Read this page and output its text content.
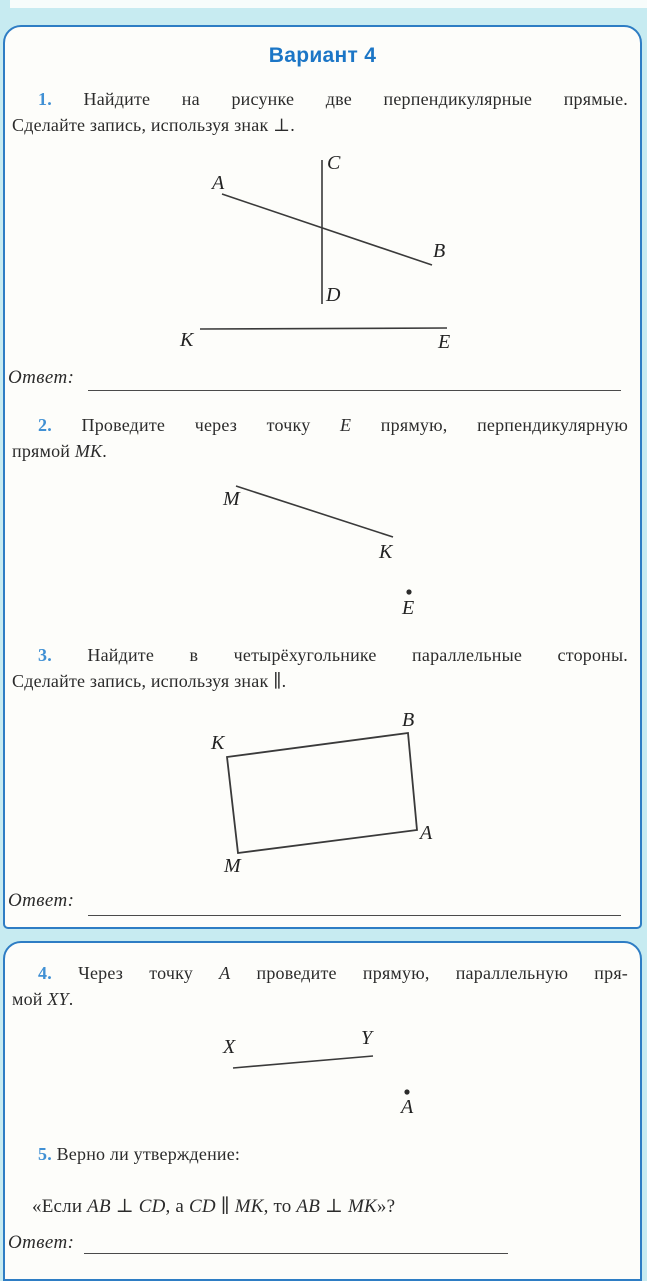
Вариант 4
1. Найдите на рисунке две перпендикулярные прямые.
Сделайте запись, используя знак ⊥.
A
C
B
D
K	E
Ответ:
2. Проведите через точку E прямую, перпендикулярную
прямой MK.
M
K
E
3. Найдите в четырёхугольнике параллельные стороны.
Сделайте запись, используя знак ∥.
K
B
A
M
Ответ:
4. Через точку A проведите прямую, параллельную пря-
мой XY.
X	Y
A
5. Верно ли утверждение:
«Если AB ⊥ CD, а CD ∥ MK, то AB ⊥ MK»?
Ответ:
